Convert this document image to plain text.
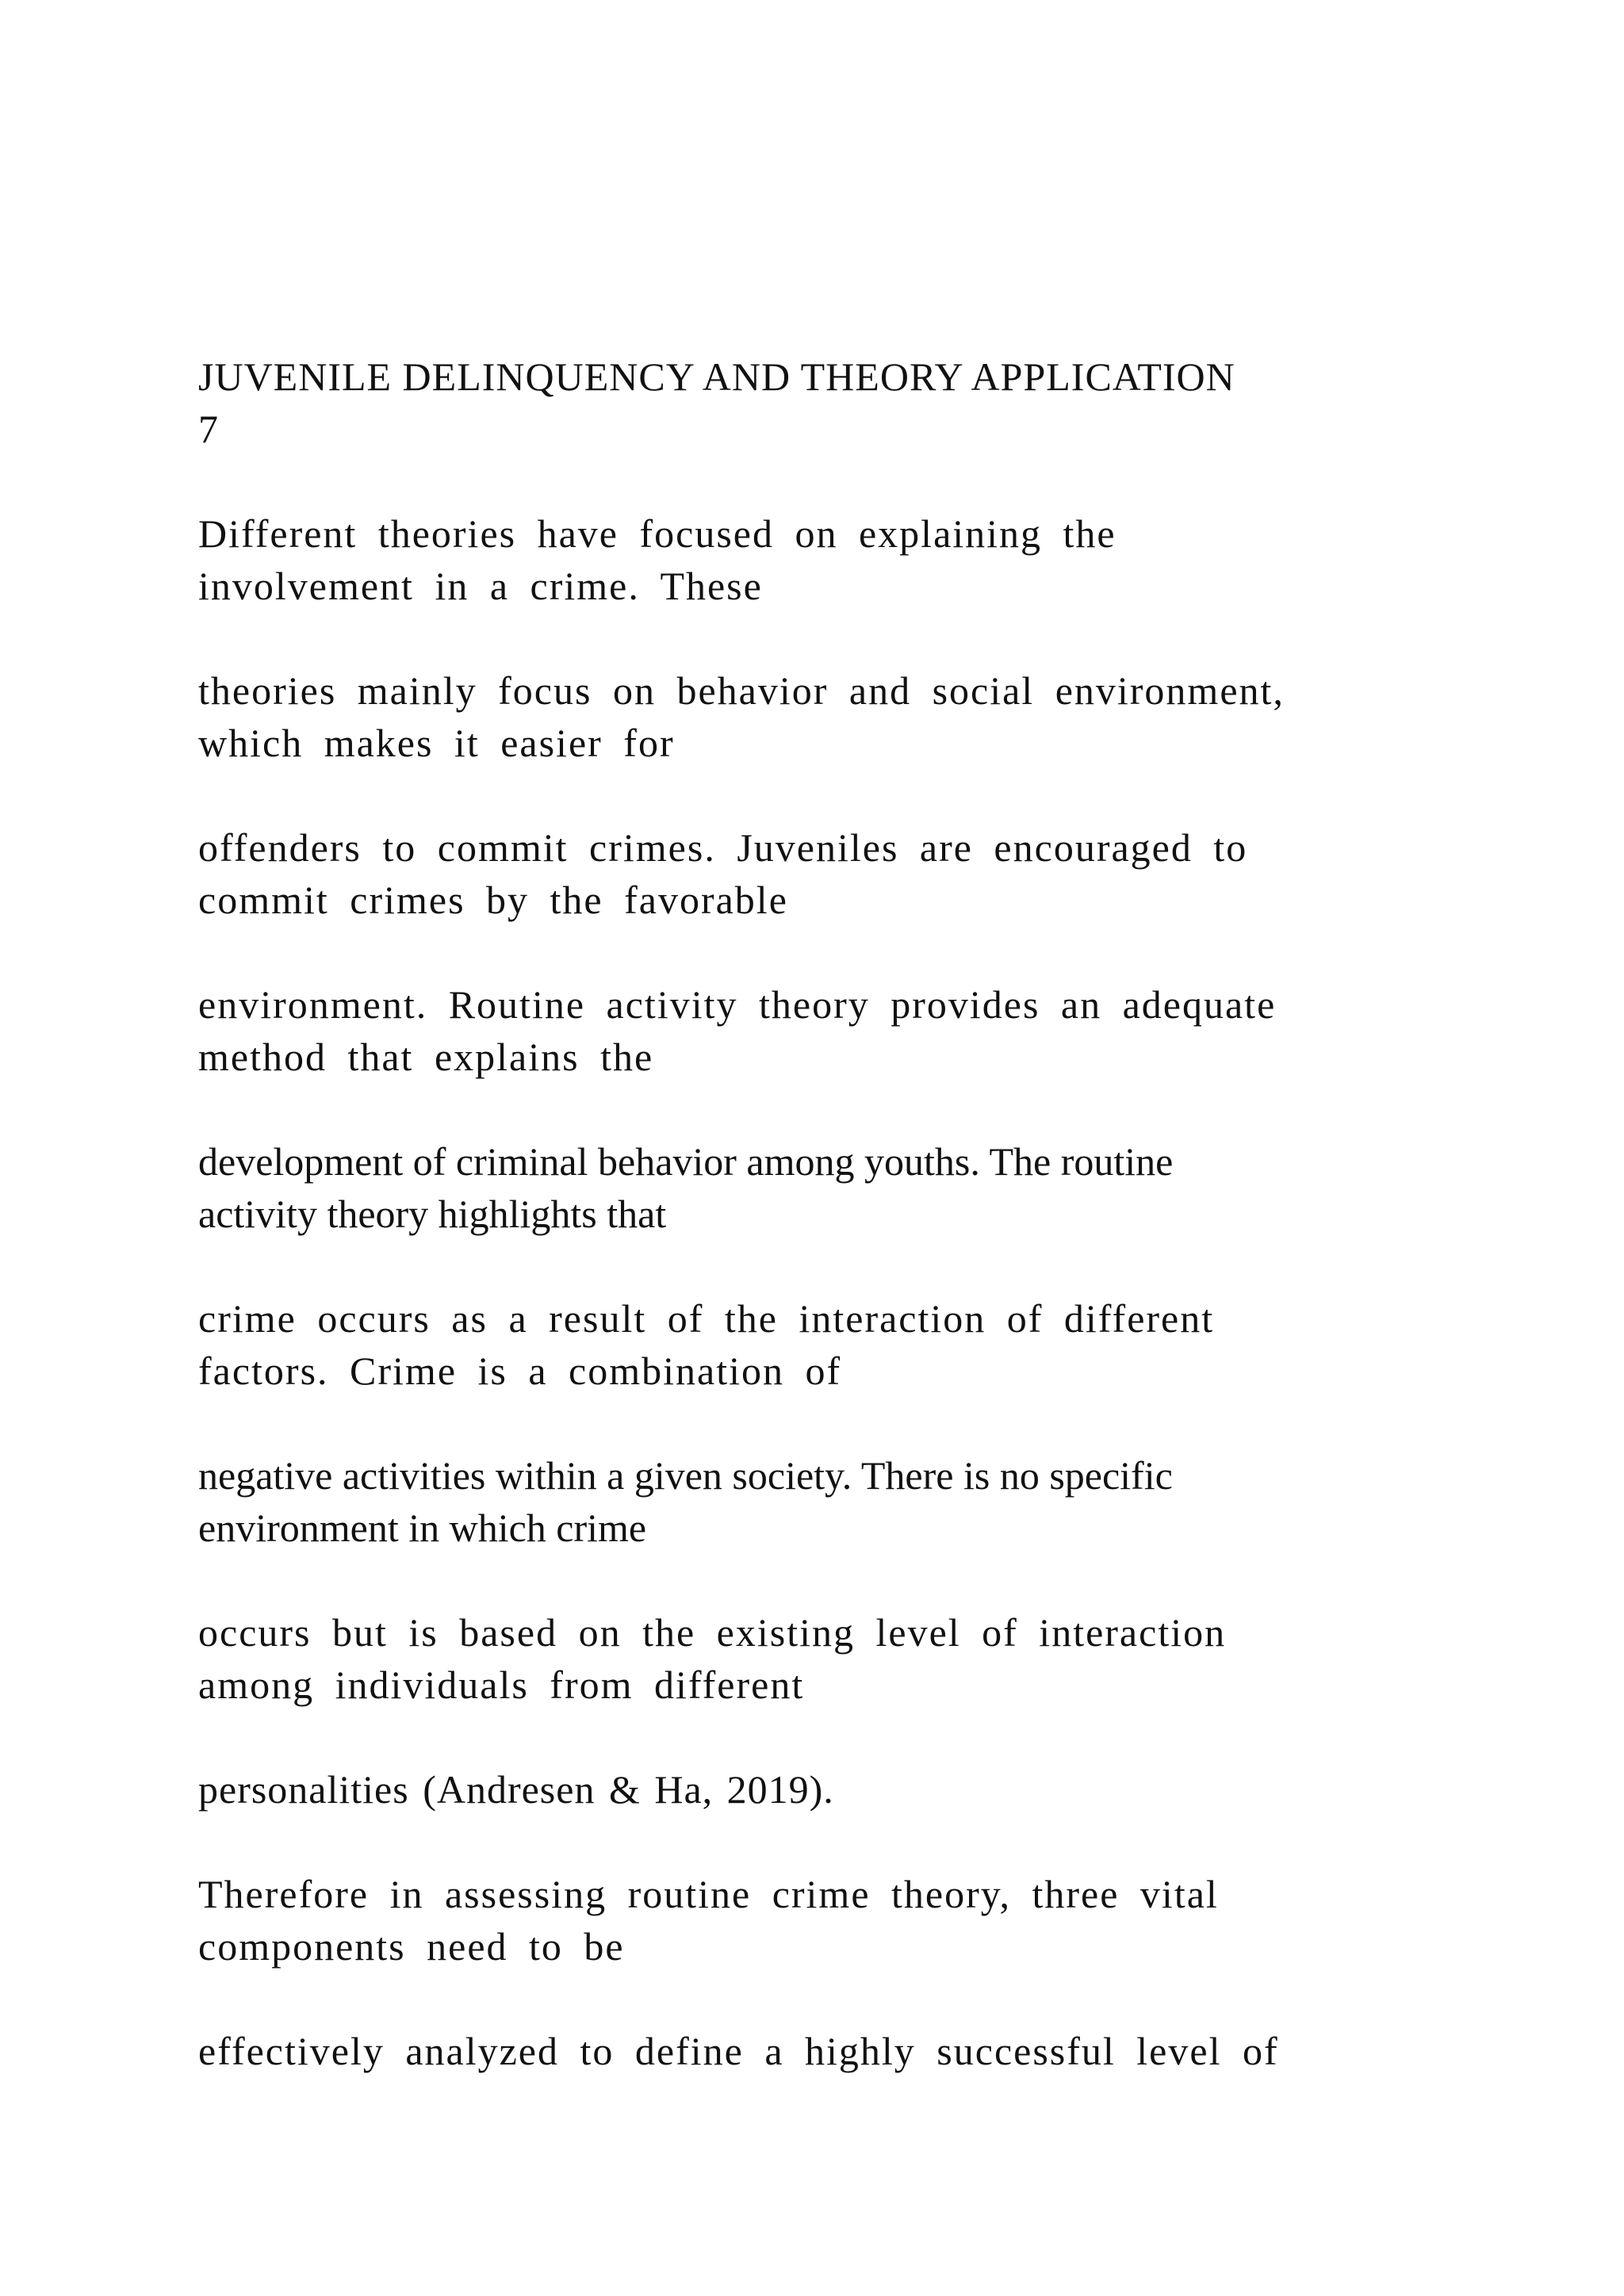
JUVENILE DELINQUENCY AND THEORY APPLICATION

7

Different theories have focused on explaining the
involvement in a crime. These

theories mainly focus on behavior and social environment,
which makes it easier for

offenders to commit crimes. Juveniles are encouraged to
commit crimes by the favorable

environment. Routine activity theory provides an adequate
method that explains the

development of criminal behavior among youths. The routine
activity theory highlights that

crime occurs as a result of the interaction of different
factors. Crime is a combination of

negative activities within a given society. There is no specific
environment in which crime

occurs but is based on the existing level of interaction
among individuals from different

personalities (Andresen & Ha, 2019).

Therefore in assessing routine crime theory, three vital
components need to be

effectively analyzed to define a highly successful level of
